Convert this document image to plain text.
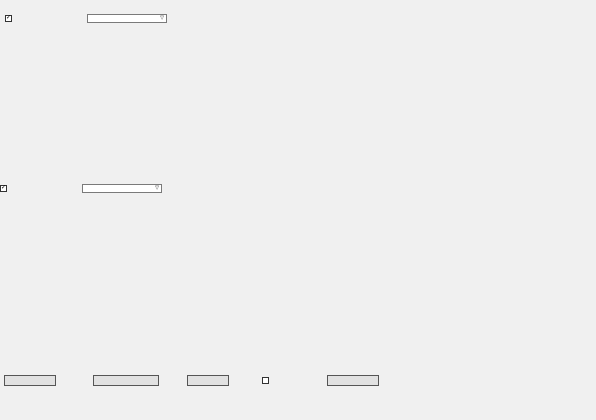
✓	▽
✓	▽
